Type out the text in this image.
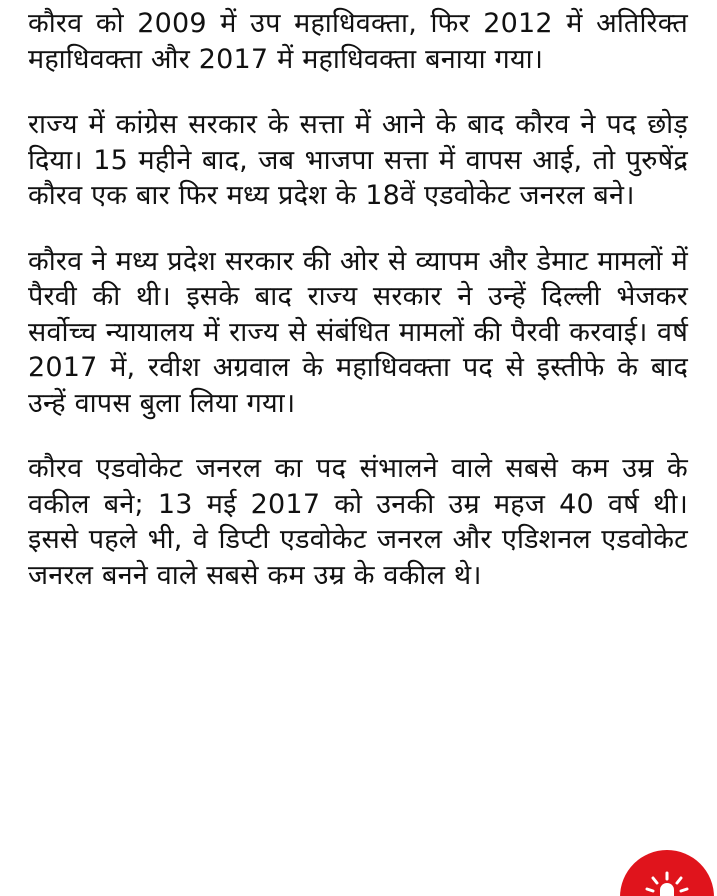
कौरव को 2009 में उप महाधिवक्ता, फिर 2012 में अतिरिक्त महाधिवक्ता और 2017 में महाधिवक्ता बनाया गया।

राज्य में कांग्रेस सरकार के सत्ता में आने के बाद कौरव ने पद छोड़ दिया। 15 महीने बाद, जब भाजपा सत्ता में वापस आई, तो पुरुषेंद्र कौरव एक बार फिर मध्य प्रदेश के 18वें एडवोकेट जनरल बने।

कौरव ने मध्य प्रदेश सरकार की ओर से व्यापम और डेमाट मामलों में पैरवी की थी। इसके बाद राज्य सरकार ने उन्हें दिल्ली भेजकर सर्वोच्च न्यायालय में राज्य से संबंधित मामलों की पैरवी करवाई। वर्ष 2017 में, रवीश अग्रवाल के महाधिवक्ता पद से इस्तीफे के बाद उन्हें वापस बुला लिया गया।

कौरव एडवोकेट जनरल का पद संभालने वाले सबसे कम उम्र के वकील बने; 13 मई 2017 को उनकी उम्र महज 40 वर्ष थी। इससे पहले भी, वे डिप्टी एडवोकेट जनरल और एडिशनल एडवोकेट जनरल बनने वाले सबसे कम उम्र के वकील थे।
